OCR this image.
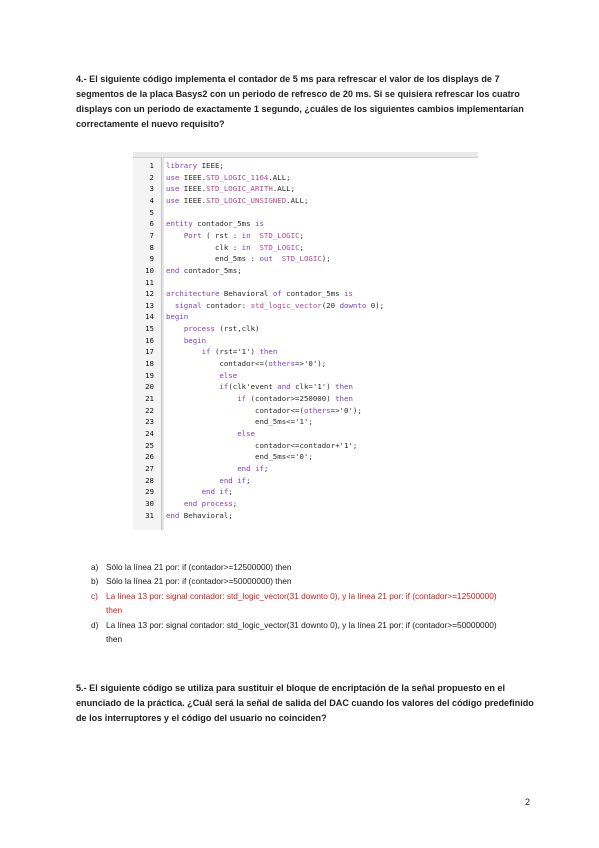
4.- El siguiente código implementa el contador de 5 ms para refrescar el valor de los displays de 7 segmentos de la placa Basys2 con un periodo de refresco de 20 ms. Si se quisiera refrescar los cuatro displays con un periodo de exactamente 1 segundo, ¿cuáles de los siguientes cambios implementarían correctamente el nuevo requisito?
1 library IEEE;
2 use IEEE.STD_LOGIC_1164.ALL;
3 use IEEE.STD_LOGIC_ARITH.ALL;
4 use IEEE.STD_LOGIC_UNSIGNED.ALL;
5
6 entity contador_5ms is
7	Port ( rst : in STD_LOGIC;
8 clk : in STD_LOGIC;
9 end_5ms : out STD_LOGIC);
10 end contador_5ms;
11
12 architecture Behavioral of contador_5ms is
13	signal contador: std_logic_vector(20 downto 0);
14 begin
15	process (rst,clk)
16	begin
17	if (rst='1') then
18 contador<=(others=>'0');
19	else
20	if(clk'event and clk='1') then
21	if (contador>=250000) then
22 contador<=(others=>'0');
23 end_5ms<='1';
24	else
25 contador<=contador+'1';
26 end_5ms<='0';
27	end if;
28	end if;
29	end if;
30	end process;
31 end Behavioral;
a) Sólo la línea 21 por: if (contador>=12500000) then
b) Sólo la línea 21 por: if (contador>=50000000) then
c) La línea 13 por: signal contador: std_logic_vector(31 downto 0), y la línea 21 por: if (contador>=12500000) then
d) La línea 13 por: signal contador: std_logic_vector(31 downto 0), y la línea 21 por: if (contador>=50000000) then
5.- El siguiente código se utiliza para sustituir el bloque de encriptación de la señal propuesto en el enunciado de la práctica. ¿Cuál será la señal de salida del DAC cuando los valores del código predefinido de los interruptores y el código del usuario no coinciden?
2
